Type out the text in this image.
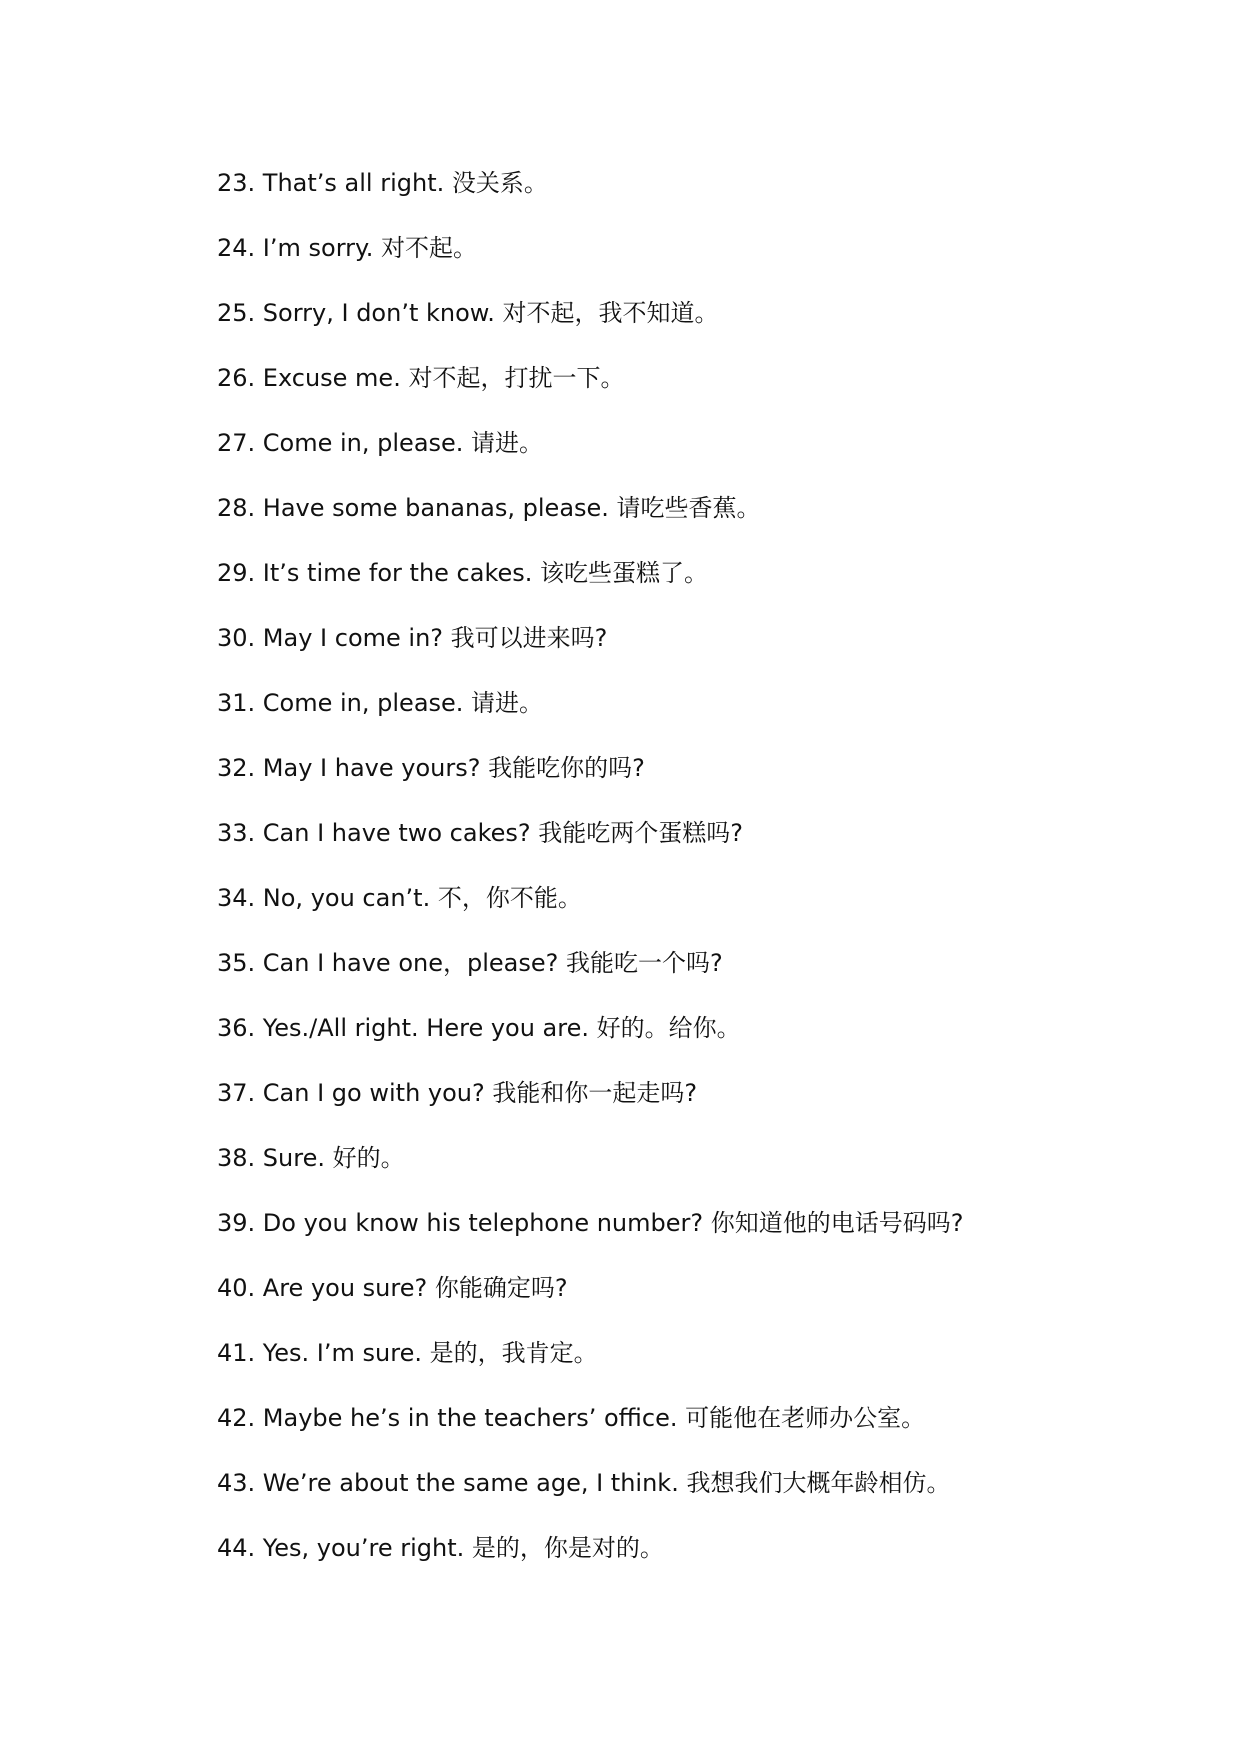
23. That’s all right. 没关系。
24. I’m sorry. 对不起。
25. Sorry, I don’t know. 对不起，我不知道。
26. Excuse me. 对不起，打扰一下。
27. Come in, please. 请进。
28. Have some bananas, please. 请吃些香蕉。
29. It’s time for the cakes. 该吃些蛋糕了。
30. May I come in? 我可以进来吗?
31. Come in, please. 请进。
32. May I have yours? 我能吃你的吗?
33. Can I have two cakes? 我能吃两个蛋糕吗?
34. No, you can’t. 不，你不能。
35. Can I have one，please? 我能吃一个吗?
36. Yes./All right. Here you are. 好的。给你。
37. Can I go with you? 我能和你一起走吗?
38. Sure. 好的。
39. Do you know his telephone number? 你知道他的电话号码吗?
40. Are you sure? 你能确定吗?
41. Yes. I’m sure. 是的，我肯定。
42. Maybe he’s in the teachers’ office. 可能他在老师办公室。
43. We’re about the same age, I think. 我想我们大概年龄相仿。
44. Yes, you’re right. 是的，你是对的。
